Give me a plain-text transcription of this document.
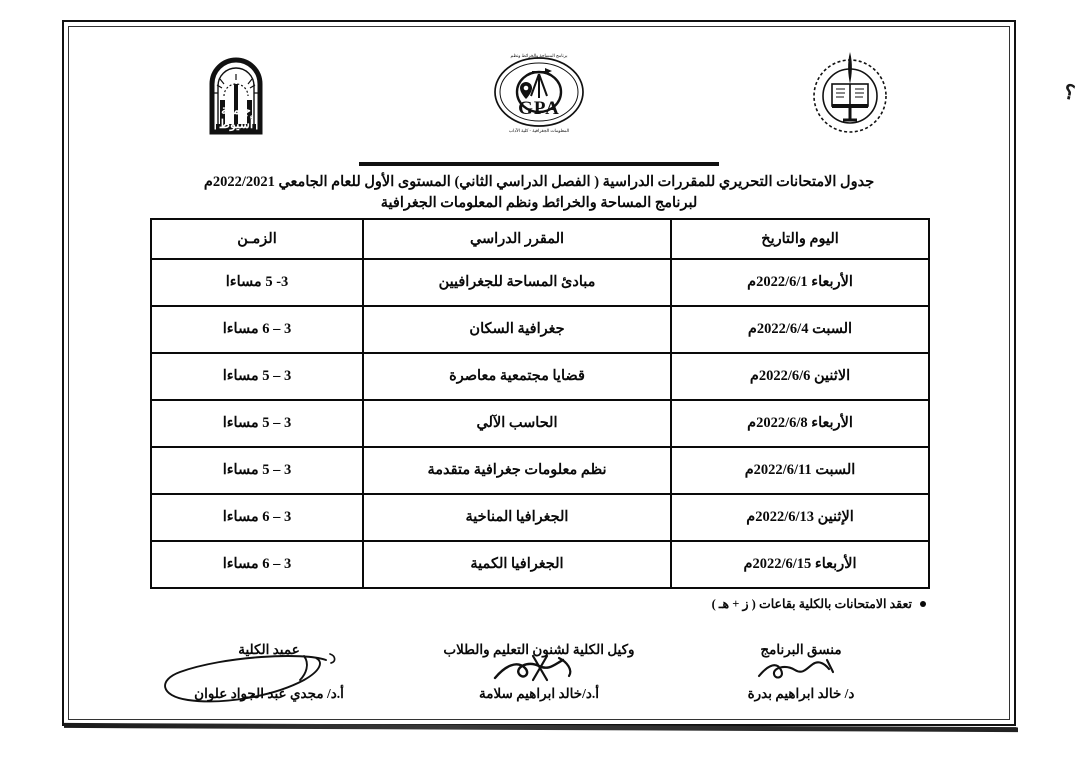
؟
GPA
برنامج المساحة والخرائط ونظم
المعلومات الجغرافية - كلية الآداب
جامعة
أسيوط
جدول الامتحانات التحريري للمقررات الدراسية ( الفصل الدراسي الثاني) المستوى الأول للعام الجامعي 2022/2021م
لبرنامج المساحة والخرائط ونظم المعلومات الجغرافية
اليوم والتاريخ	المقرر الدراسي	الزمـن
الأربعاء 2022/6/1م	مبادئ المساحة للجغرافيين	3- 5 مساءا
السبت 2022/6/4م	جغرافية السكان	3 – 6 مساءا
الاثنين 2022/6/6م	قضايا مجتمعية معاصرة	3 – 5 مساءا
الأربعاء 2022/6/8م	الحاسب الآلي	3 – 5 مساءا
السبت 2022/6/11م	نظم معلومات جغرافية متقدمة	3 – 5 مساءا
الإثنين 2022/6/13م	الجغرافيا المناخية	3 – 6 مساءا
الأربعاء 2022/6/15م	الجغرافيا الكمية	3 – 6 مساءا
تعقد الامتحانات بالكلية بقاعات ( ز + هـ )
منسق البرنامج
د/ خالد ابراهيم بدرة
وكيل الكلية لشنون التعليم والطلاب
أ.د/خالد ابراهيم سلامة
عميد الكلية
أ.د/ مجدي عبد الجواد علوان
